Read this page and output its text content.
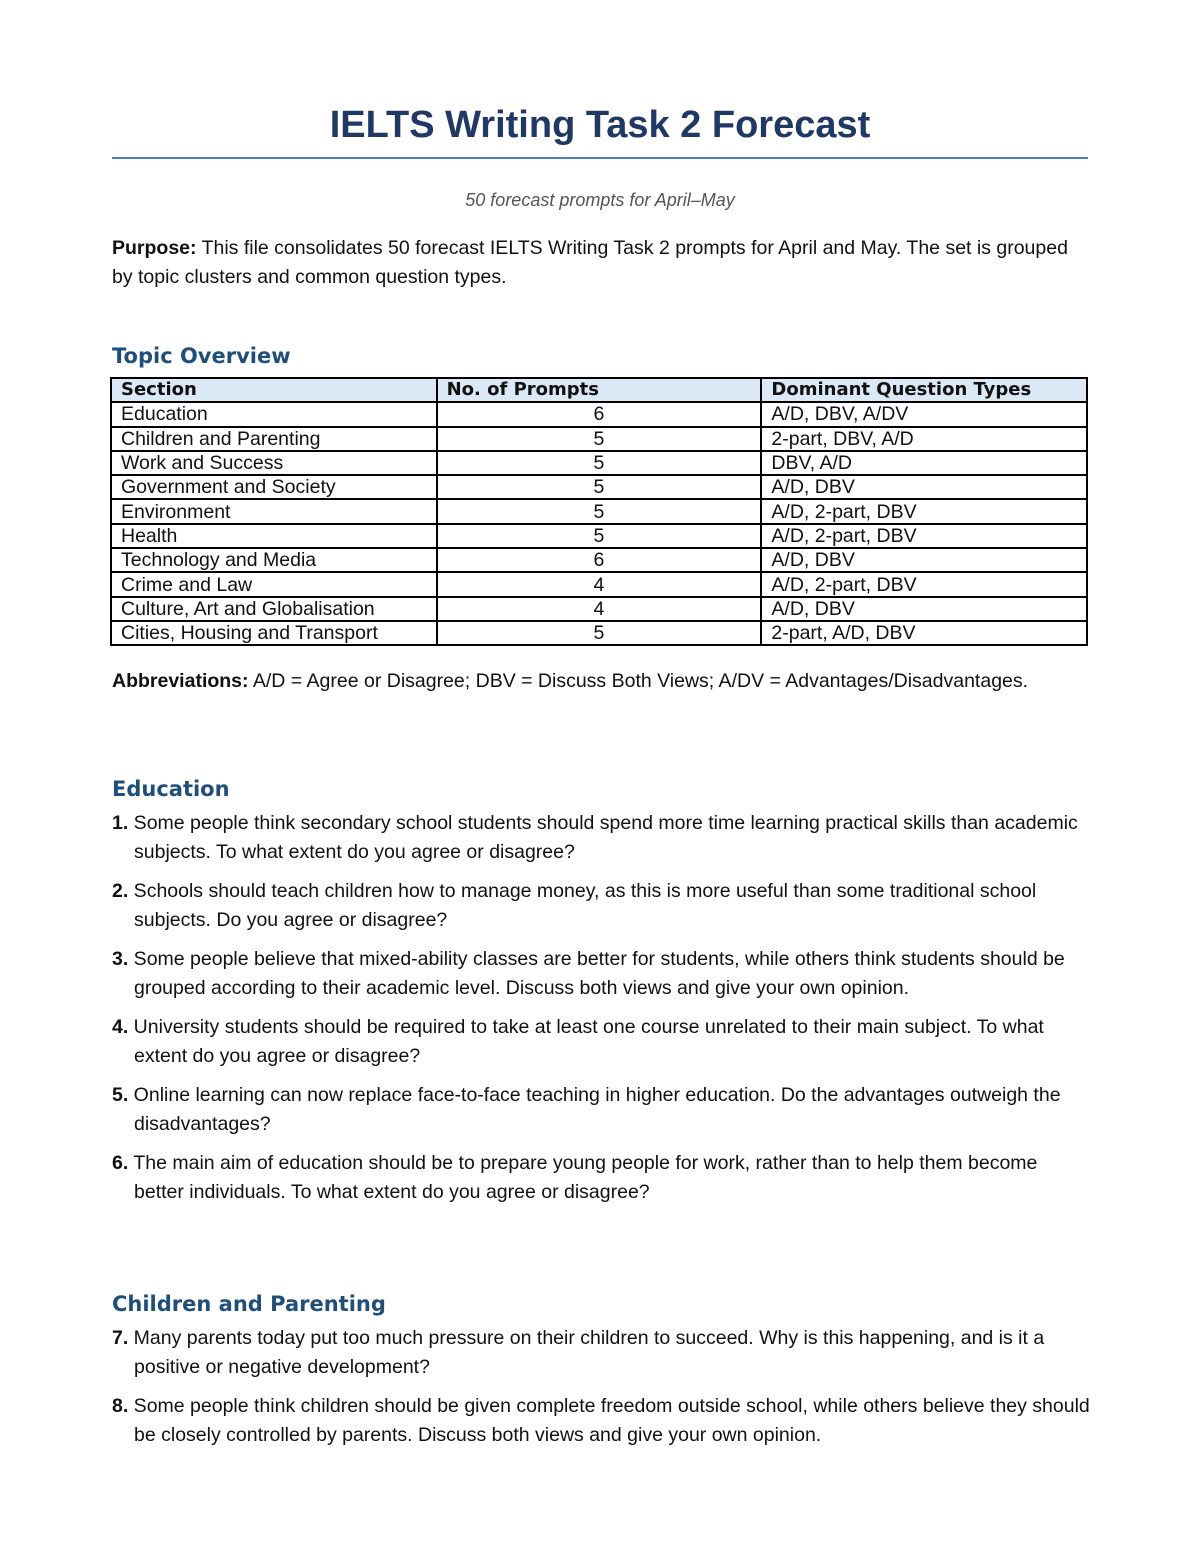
IELTS Writing Task 2 Forecast
50 forecast prompts for April–May
Purpose: This file consolidates 50 forecast IELTS Writing Task 2 prompts for April and May. The set is grouped by topic clusters and common question types.
Topic Overview
Section	No. of Prompts	Dominant Question Types
Education	6	A/D, DBV, A/DV
Children and Parenting	5	2-part, DBV, A/D
Work and Success	5	DBV, A/D
Government and Society	5	A/D, DBV
Environment	5	A/D, 2-part, DBV
Health	5	A/D, 2-part, DBV
Technology and Media	6	A/D, DBV
Crime and Law	4	A/D, 2-part, DBV
Culture, Art and Globalisation	4	A/D, DBV
Cities, Housing and Transport	5	2-part, A/D, DBV
Abbreviations: A/D = Agree or Disagree; DBV = Discuss Both Views; A/DV = Advantages/Disadvantages.
Education
1. Some people think secondary school students should spend more time learning practical skills than academic subjects. To what extent do you agree or disagree?
2. Schools should teach children how to manage money, as this is more useful than some traditional school subjects. Do you agree or disagree?
3. Some people believe that mixed-ability classes are better for students, while others think students should be grouped according to their academic level. Discuss both views and give your own opinion.
4. University students should be required to take at least one course unrelated to their main subject. To what extent do you agree or disagree?
5. Online learning can now replace face-to-face teaching in higher education. Do the advantages outweigh the disadvantages?
6. The main aim of education should be to prepare young people for work, rather than to help them become better individuals. To what extent do you agree or disagree?
Children and Parenting
7. Many parents today put too much pressure on their children to succeed. Why is this happening, and is it a positive or negative development?
8. Some people think children should be given complete freedom outside school, while others believe they should be closely controlled by parents. Discuss both views and give your own opinion.
